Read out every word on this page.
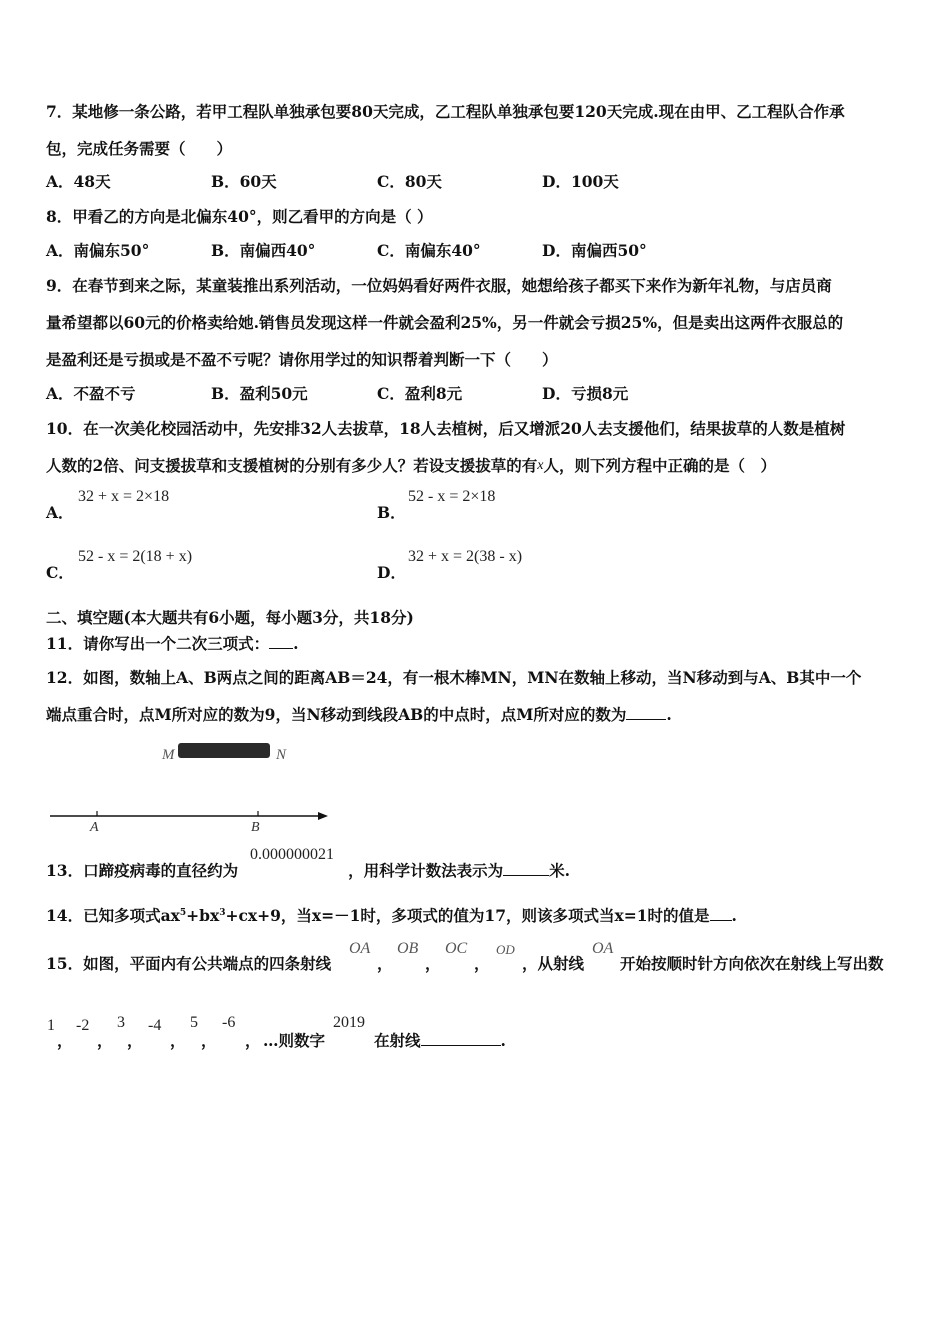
7．某地修一条公路，若甲工程队单独承包要80天完成，乙工程队单独承包要120天完成.现在由甲、乙工程队合作承
包，完成任务需要（　　）
A．48天	B．60天	C．80天	D．100天
8．甲看乙的方向是北偏东40°，则乙看甲的方向是（ ）
A．南偏东50°	B．南偏西40°	C．南偏东40°	D．南偏西50°
9．在春节到来之际，某童装推出系列活动，一位妈妈看好两件衣服，她想给孩子都买下来作为新年礼物，与店员商
量希望都以60元的价格卖给她.销售员发现这样一件就会盈利25%，另一件就会亏损25%，但是卖出这两件衣服总的
是盈利还是亏损或是不盈不亏呢？请你用学过的知识帮着判断一下（　　）
A．不盈不亏	B．盈利50元	C．盈利8元	D．亏损8元
10．在一次美化校园活动中，先安排32人去拔草，18人去植树，后又增派20人去支援他们，结果拔草的人数是植树
人数的2倍、问支援拔草和支援植树的分别有多少人？若设支援拔草的有x人，则下列方程中正确的是（　）
A．
32 + x = 2×18
B．
52 - x = 2×18
C．
52 - x = 2(18 + x)
D．
32 + x = 2(38 - x)
二、填空题(本大题共有6小题，每小题3分，共18分)
11．请你写出一个二次三项式： .
12．如图，数轴上A、B两点之间的距离AB＝24，有一根木棒MN，MN在数轴上移动，当N移动到与A、B其中一个
端点重合时，点M所对应的数为9，当N移动到线段AB的中点时，点M所对应的数为	.
M	N
A	B
13．口蹄疫病毒的直径约为	，用科学计数法表示为	米.
0.000000021
14．已知多项式$ax^5+bx^3+cx+9$，当x=－1时，多项式的值为17，则该多项式当x=1时的值是 .
15．如图，平面内有公共端点的四条射线
OA
，
OB
，
OC
，
OD
，从射线
OA
开始按顺时针方向依次在射线上写出数
1
，
-2
，
3
，
-4
，
5
，
-6
， …则数字
2019
在射线	.
